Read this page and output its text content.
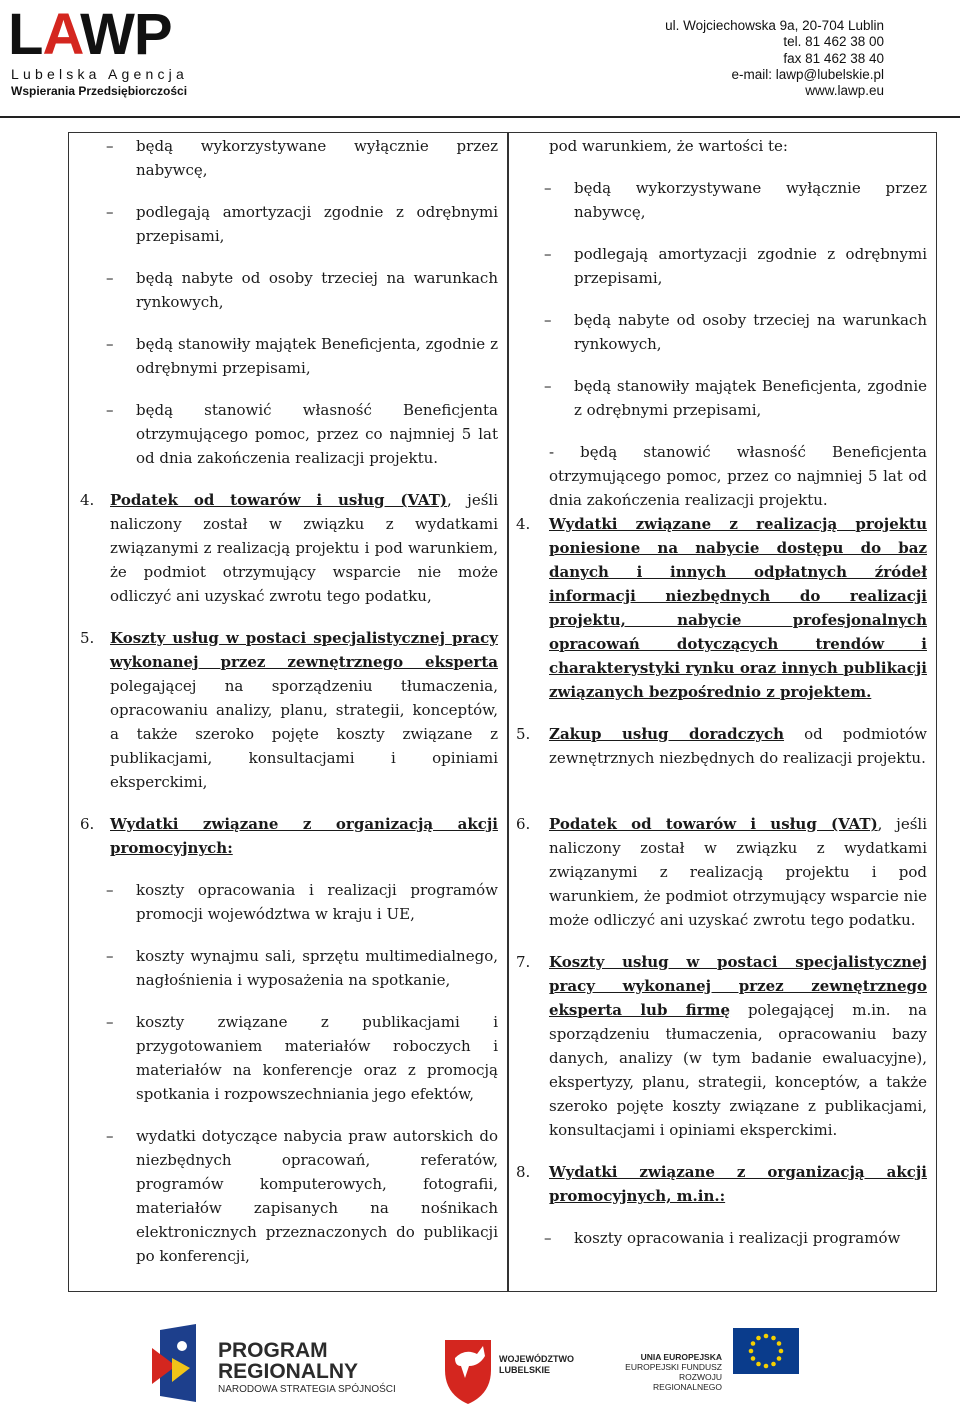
LAWP
Lubelska Agencja
Wspierania Przedsiębiorczości
ul. Wojciechowska 9a, 20-704 Lublin
tel. 81 462 38 00
fax 81 462 38 40
e-mail: lawp@lubelskie.pl
www.lawp.eu
– będą wykorzystywane wyłącznie przez nabywcę,
– podlegają amortyzacji zgodnie z odrębnymi przepisami,
– będą nabyte od osoby trzeciej na warunkach rynkowych,
– będą stanowiły majątek Beneficjenta, zgodnie z odrębnymi przepisami,
– będą stanowić własność Beneficjenta otrzymującego pomoc, przez co najmniej 5 lat od dnia zakończenia realizacji projektu.
4. Podatek od towarów i usług (VAT), jeśli naliczony został w związku z wydatkami związanymi z realizacją projektu i pod warunkiem, że podmiot otrzymujący wsparcie nie może odliczyć ani uzyskać zwrotu tego podatku,
5. Koszty usług w postaci specjalistycznej pracy wykonanej przez zewnętrznego eksperta polegającej na sporządzeniu tłumaczenia, opracowaniu analizy, planu, strategii, konceptów, a także szeroko pojęte koszty związane z publikacjami, konsultacjami i opiniami eksperckimi,
6. Wydatki związane z organizacją akcji promocyjnych:
– koszty opracowania i realizacji programów promocji województwa w kraju i UE,
– koszty wynajmu sali, sprzętu multimedialnego, nagłośnienia i wyposażenia na spotkanie,
– koszty związane z publikacjami i przygotowaniem materiałów roboczych i materiałów na konferencje oraz z promocją spotkania i rozpowszechniania jego efektów,
– wydatki dotyczące nabycia praw autorskich do niezbędnych opracowań, referatów, programów komputerowych, fotografii, materiałów zapisanych na nośnikach elektronicznych przeznaczonych do publikacji po konferencji,

pod warunkiem, że wartości te:

– będą wykorzystywane wyłącznie przez nabywcę,
– podlegają amortyzacji zgodnie z odrębnymi przepisami,
– będą nabyte od osoby trzeciej na warunkach rynkowych,
– będą stanowiły majątek Beneficjenta, zgodnie z odrębnymi przepisami,

- będą stanowić własność Beneficjenta otrzymującego pomoc, przez co najmniej 5 lat od dnia zakończenia realizacji projektu.

4. Wydatki związane z realizacją projektu poniesione na nabycie dostępu do baz danych i innych odpłatnych źródeł informacji niezbędnych do realizacji projektu, nabycie profesjonalnych opracowań dotyczących trendów i charakterystyki rynku oraz innych publikacji związanych bezpośrednio z projektem.
5. Zakup usług doradczych od podmiotów zewnętrznych niezbędnych do realizacji projektu.
6. Podatek od towarów i usług (VAT), jeśli naliczony został w związku z wydatkami związanymi z realizacją projektu i pod warunkiem, że podmiot otrzymujący wsparcie nie może odliczyć ani uzyskać zwrotu tego podatku.
7. Koszty usług w postaci specjalistycznej pracy wykonanej przez zewnętrznego eksperta lub firmę polegającej m.in. na sporządzeniu tłumaczenia, opracowaniu bazy danych, analizy (w tym badanie ewaluacyjne), ekspertyzy, planu, strategii, konceptów, a także szeroko pojęte koszty związane z publikacjami, konsultacjami i opiniami eksperckimi.
8. Wydatki związane z organizacją akcji promocyjnych, m.in.:
– koszty opracowania i realizacji programów
PROGRAM
REGIONALNY
NARODOWA STRATEGIA SPÓJNOŚCI
WOJEWÓDZTWO
LUBELSKIE
UNIA EUROPEJSKA
EUROPEJSKI FUNDUSZ
ROZWOJU REGIONALNEGO
